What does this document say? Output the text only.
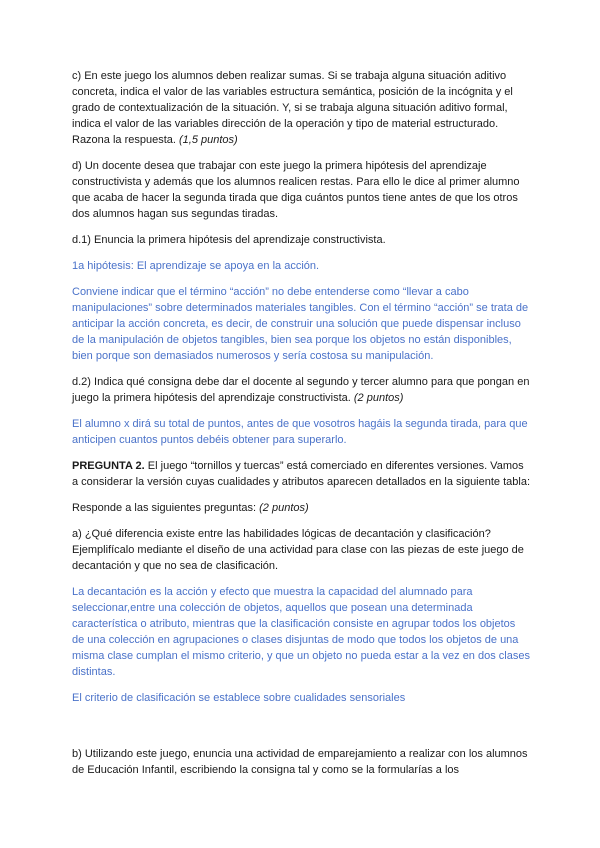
c) En este juego los alumnos deben realizar sumas. Si se trabaja alguna situación aditivo concreta, indica el valor de las variables estructura semántica, posición de la incógnita y el grado de contextualización de la situación. Y, si se trabaja alguna situación aditivo formal, indica el valor de las variables dirección de la operación y tipo de material estructurado. Razona la respuesta. (1,5 puntos)

d) Un docente desea que trabajar con este juego la primera hipótesis del aprendizaje constructivista y además que los alumnos realicen restas. Para ello le dice al primer alumno que acaba de hacer la segunda tirada que diga cuántos puntos tiene antes de que los otros dos alumnos hagan sus segundas tiradas.

d.1) Enuncia la primera hipótesis del aprendizaje constructivista.

1a hipótesis: El aprendizaje se apoya en la acción.

Conviene indicar que el término “acción” no debe entenderse como “llevar a cabo manipulaciones” sobre determinados materiales tangibles. Con el término “acción” se trata de anticipar la acción concreta, es decir, de construir una solución que puede dispensar incluso de la manipulación de objetos tangibles, bien sea porque los objetos no están disponibles, bien porque son demasiados numerosos y sería costosa su manipulación.

d.2) Indica qué consigna debe dar el docente al segundo y tercer alumno para que pongan en juego la primera hipótesis del aprendizaje constructivista. (2 puntos)

El alumno x dirá su total de puntos, antes de que vosotros hagáis la segunda tirada, para que anticipen cuantos puntos debéis obtener para superarlo.

PREGUNTA 2. El juego “tornillos y tuercas” está comerciado en diferentes versiones. Vamos a considerar la versión cuyas cualidades y atributos aparecen detallados en la siguiente tabla:

Responde a las siguientes preguntas: (2 puntos)

a) ¿Qué diferencia existe entre las habilidades lógicas de decantación y clasificación? Ejemplifícalo mediante el diseño de una actividad para clase con las piezas de este juego de decantación y que no sea de clasificación.

La decantación es la acción y efecto que muestra la capacidad del alumnado para seleccionar,entre una colección de objetos, aquellos que posean una determinada característica o atributo, mientras que la clasificación consiste en agrupar todos los objetos de una colección en agrupaciones o clases disjuntas de modo que todos los objetos de una misma clase cumplan el mismo criterio, y que un objeto no pueda estar a la vez en dos clases distintas.

El criterio de clasificación se establece sobre cualidades sensoriales

b) Utilizando este juego, enuncia una actividad de emparejamiento a realizar con los alumnos de Educación Infantil, escribiendo la consigna tal y como se la formularías a los
